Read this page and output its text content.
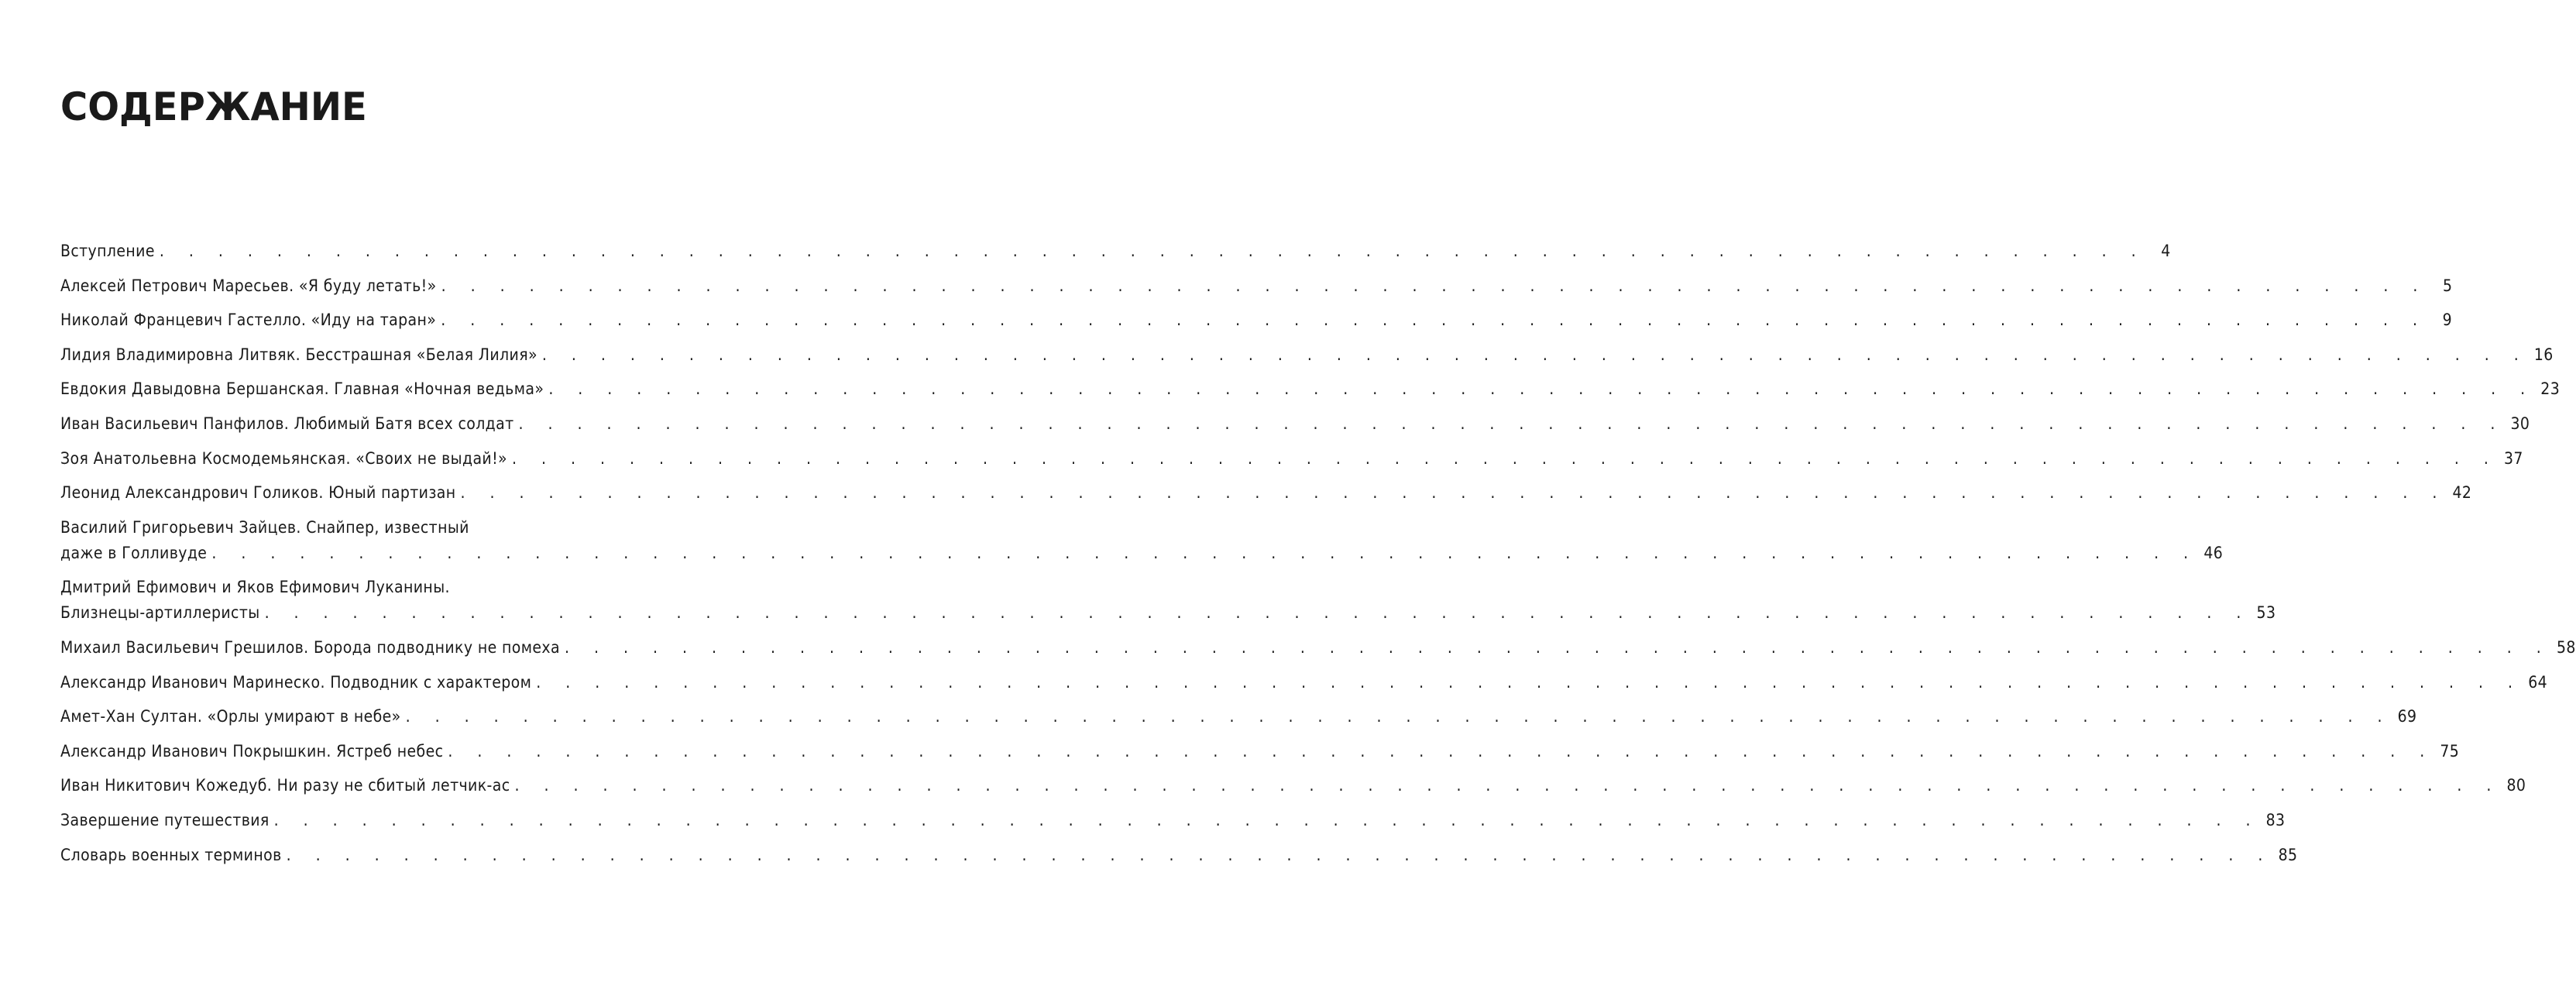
СОДЕРЖАНИЕ
Вступление . . . . . . . . . . . . . . . . . . . . . . . . . . . . . . . . . . . . . . . . . . . . . . . . . . . . . . . . . . . . . . . . . . . . 4
Алексей Петрович Маресьев. «Я буду летать!» . . . . . . . . . . . . . . . . . . . . . . . . . . . . . . . . . . . . . . . . . . . . . . . . . . . . . . . . . . . . . . . . . . . . 5
Николай Францевич Гастелло. «Иду на таран» . . . . . . . . . . . . . . . . . . . . . . . . . . . . . . . . . . . . . . . . . . . . . . . . . . . . . . . . . . . . . . . . . . . . 9
Лидия Владимировна Литвяк. Бесстрашная «Белая Лилия» . . . . . . . . . . . . . . . . . . . . . . . . . . . . . . . . . . . . . . . . . . . . . . . . . . . . . . . . . . . . . . . . . . . . 16
Евдокия Давыдовна Бершанская. Главная «Ночная ведьма» . . . . . . . . . . . . . . . . . . . . . . . . . . . . . . . . . . . . . . . . . . . . . . . . . . . . . . . . . . . . . . . . . . . . 23
Иван Васильевич Панфилов. Любимый Батя всех солдат . . . . . . . . . . . . . . . . . . . . . . . . . . . . . . . . . . . . . . . . . . . . . . . . . . . . . . . . . . . . . . . . . . . . 30
Зоя Анатольевна Космодемьянская. «Своих не выдай!» . . . . . . . . . . . . . . . . . . . . . . . . . . . . . . . . . . . . . . . . . . . . . . . . . . . . . . . . . . . . . . . . . . . . 37
Леонид Александрович Голиков. Юный партизан . . . . . . . . . . . . . . . . . . . . . . . . . . . . . . . . . . . . . . . . . . . . . . . . . . . . . . . . . . . . . . . . . . . . 42
Василий Григорьевич Зайцев. Снайпер, известный
даже в Голливуде . . . . . . . . . . . . . . . . . . . . . . . . . . . . . . . . . . . . . . . . . . . . . . . . . . . . . . . . . . . . . . . . . . . . 46
Дмитрий Ефимович и Яков Ефимович Луканины.
Близнецы-артиллеристы . . . . . . . . . . . . . . . . . . . . . . . . . . . . . . . . . . . . . . . . . . . . . . . . . . . . . . . . . . . . . . . . . . . . 53
Михаил Васильевич Грешилов. Борода подводнику не помеха . . . . . . . . . . . . . . . . . . . . . . . . . . . . . . . . . . . . . . . . . . . . . . . . . . . . . . . . . . . . . . . . . . . . 58
Александр Иванович Маринеско. Подводник с характером . . . . . . . . . . . . . . . . . . . . . . . . . . . . . . . . . . . . . . . . . . . . . . . . . . . . . . . . . . . . . . . . . . . . 64
Амет-Хан Султан. «Орлы умирают в небе» . . . . . . . . . . . . . . . . . . . . . . . . . . . . . . . . . . . . . . . . . . . . . . . . . . . . . . . . . . . . . . . . . . . . 69
Александр Иванович Покрышкин. Ястреб небес . . . . . . . . . . . . . . . . . . . . . . . . . . . . . . . . . . . . . . . . . . . . . . . . . . . . . . . . . . . . . . . . . . . . 75
Иван Никитович Кожедуб. Ни разу не сбитый летчик-ас . . . . . . . . . . . . . . . . . . . . . . . . . . . . . . . . . . . . . . . . . . . . . . . . . . . . . . . . . . . . . . . . . . . . 80
Завершение путешествия . . . . . . . . . . . . . . . . . . . . . . . . . . . . . . . . . . . . . . . . . . . . . . . . . . . . . . . . . . . . . . . . . . . . 83
Словарь военных терминов . . . . . . . . . . . . . . . . . . . . . . . . . . . . . . . . . . . . . . . . . . . . . . . . . . . . . . . . . . . . . . . . . . . . 85
